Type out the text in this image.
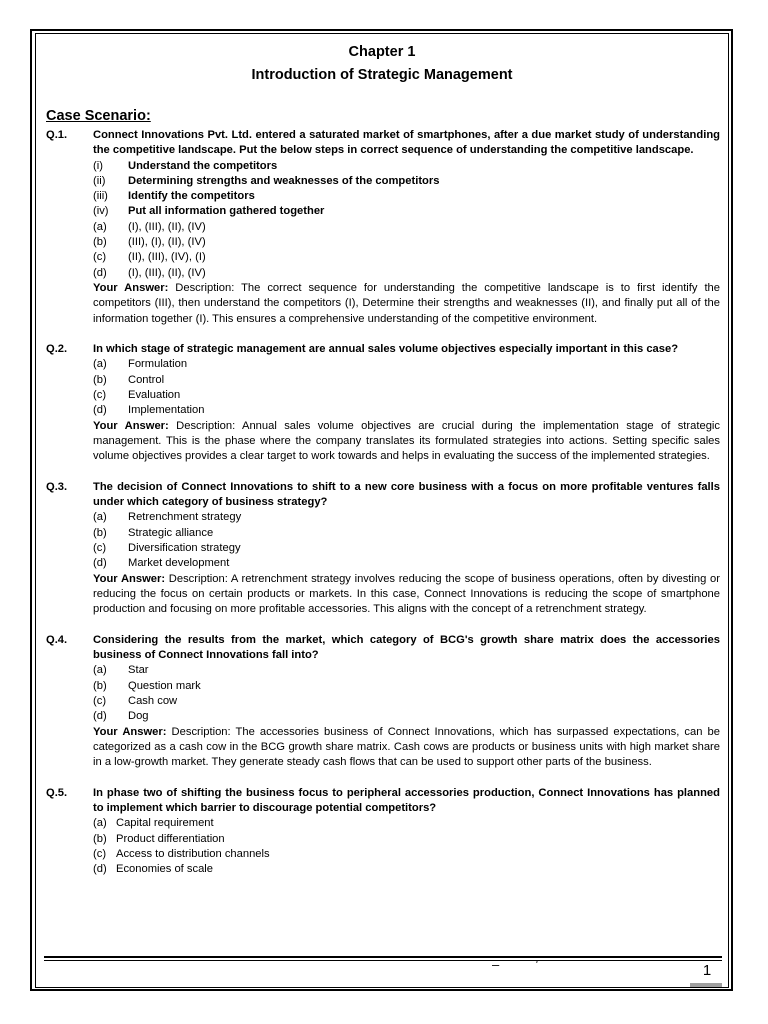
Chapter 1
Introduction of Strategic Management
Case Scenario:
Q.1. Connect Innovations Pvt. Ltd. entered a saturated market of smartphones, after a due market study of understanding the competitive landscape. Put the below steps in correct sequence of understanding the competitive landscape.
(i)	Understand the competitors
(ii)	Determining strengths and weaknesses of the competitors
(iii)	Identify the competitors
(iv)	Put all information gathered together
(a)	(I), (III), (II), (IV)
(b)	(III), (I), (II), (IV)
(c)	(II), (III), (IV), (I)
(d)	(I), (III), (II), (IV)
Your Answer: Description: The correct sequence for understanding the competitive landscape is to first identify the competitors (III), then understand the competitors (I), Determine their strengths and weaknesses (II), and finally put all of the information together (I). This ensures a comprehensive understanding of the competitive environment.
Q.2. In which stage of strategic management are annual sales volume objectives especially important in this case?
(a)	Formulation
(b)	Control
(c)	Evaluation
(d)	Implementation
Your Answer: Description: Annual sales volume objectives are crucial during the implementation stage of strategic management. This is the phase where the company translates its formulated strategies into actions. Setting specific sales volume objectives provides a clear target to work towards and helps in evaluating the success of the implemented strategies.
Q.3. The decision of Connect Innovations to shift to a new core business with a focus on more profitable ventures falls under which category of business strategy?
(a)	Retrenchment strategy
(b)	Strategic alliance
(c)	Diversification strategy
(d)	Market development
Your Answer: Description: A retrenchment strategy involves reducing the scope of business operations, often by divesting or reducing the focus on certain products or markets. In this case, Connect Innovations is reducing the scope of smartphone production and focusing on more profitable accessories. This aligns with the concept of a retrenchment strategy.
Q.4. Considering the results from the market, which category of BCG's growth share matrix does the accessories business of Connect Innovations fall into?
(a)	Star
(b)	Question mark
(c)	Cash cow
(d)	Dog
Your Answer: Description: The accessories business of Connect Innovations, which has surpassed expectations, can be categorized as a cash cow in the BCG growth share matrix. Cash cows are products or business units with high market share in a low-growth market. They generate steady cash flows that can be used to support other parts of the business.
Q.5. In phase two of shifting the business focus to peripheral accessories production, Connect Innovations has planned to implement which barrier to discourage potential competitors?
(a) Capital requirement
(b) Product differentiation
(c) Access to distribution channels
(d) Economies of scale
–          ’	1
